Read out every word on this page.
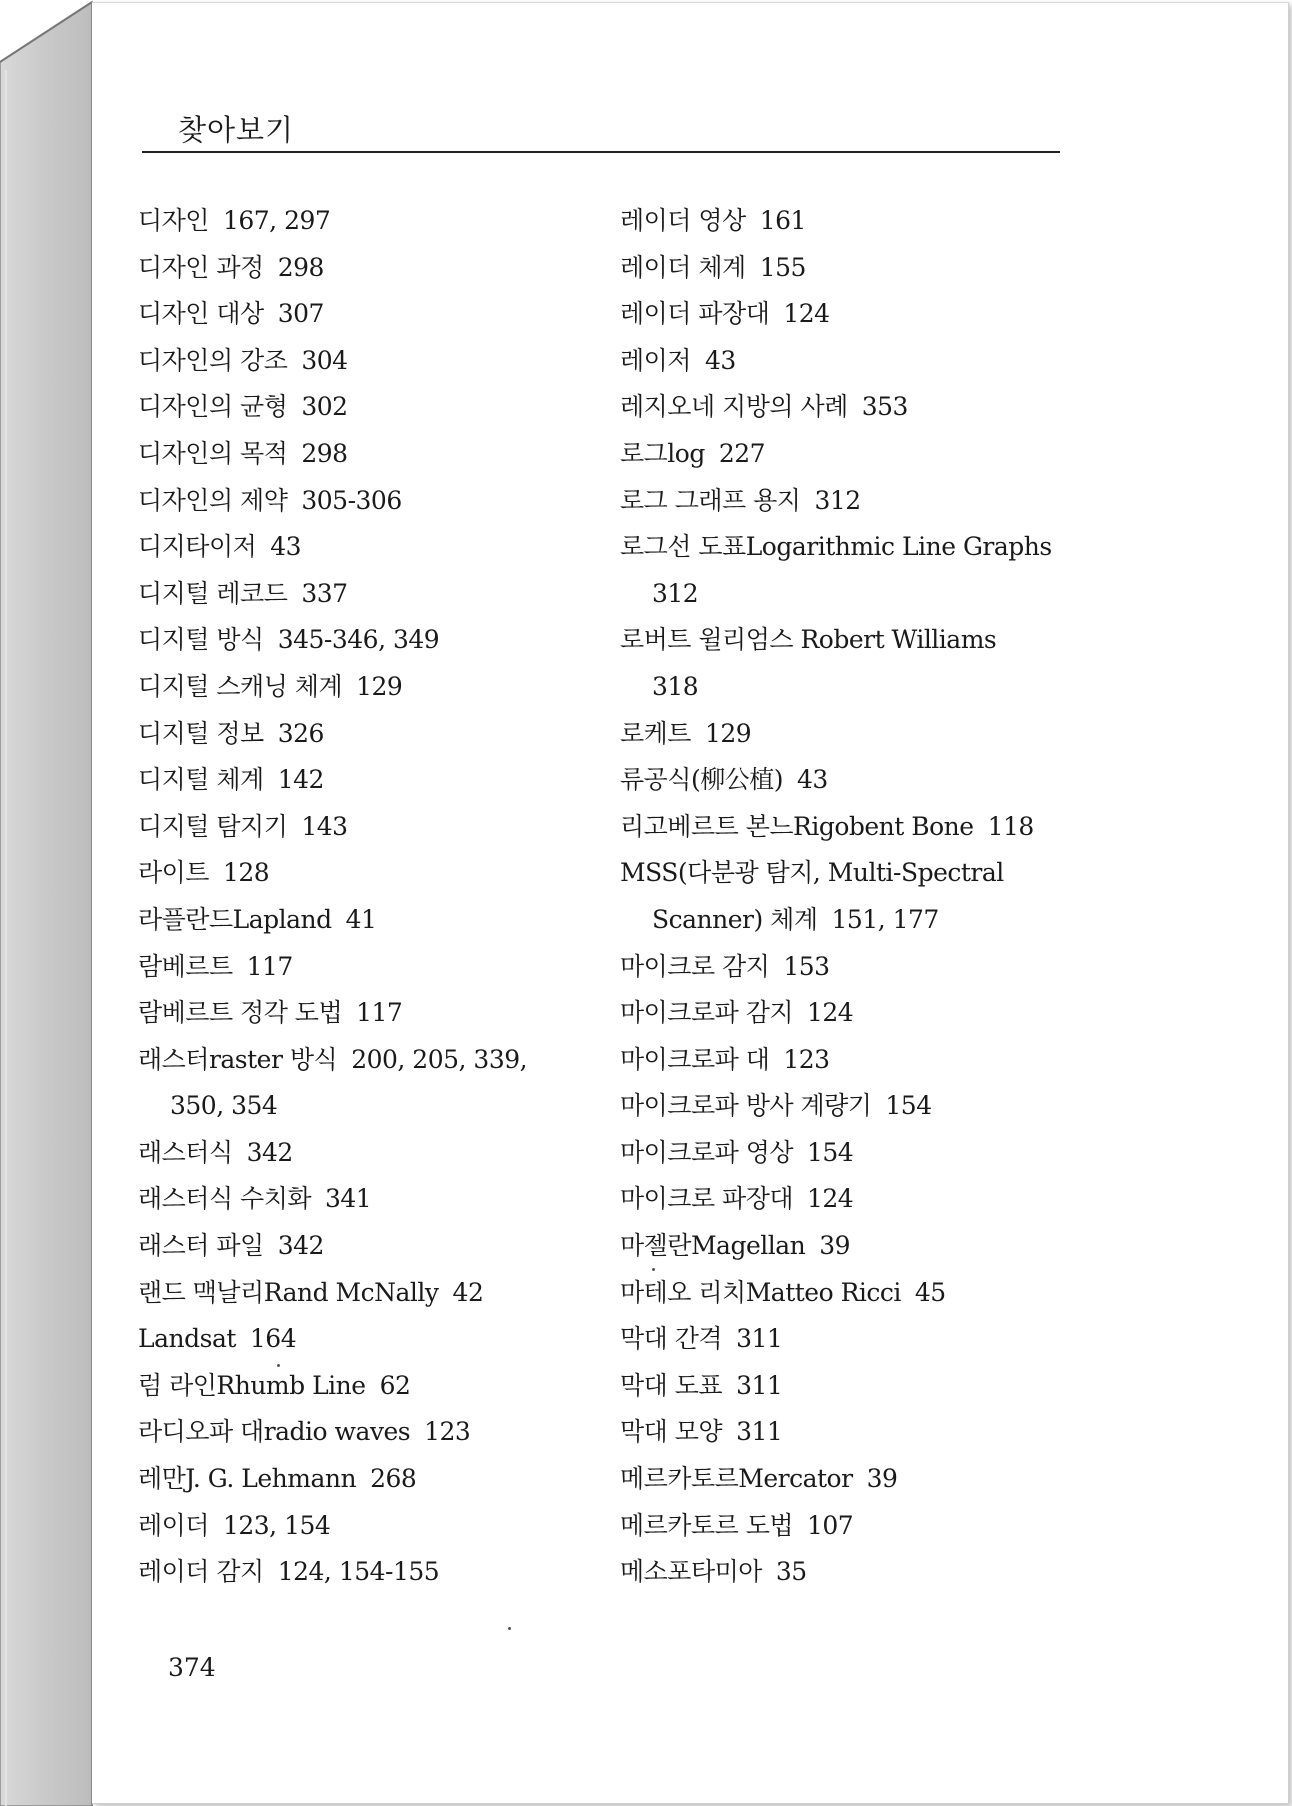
찾아보기
디자인 167, 297
디자인 과정 298
디자인 대상 307
디자인의 강조 304
디자인의 균형 302
디자인의 목적 298
디자인의 제약 305-306
디지타이저 43
디지털 레코드 337
디지털 방식 345-346, 349
디지털 스캐닝 체계 129
디지털 정보 326
디지털 체계 142
디지털 탐지기 143
라이트 128
라플란드Lapland 41
람베르트 117
람베르트 정각 도법 117
래스터raster 방식 200, 205, 339,
350, 354
래스터식 342
래스터식 수치화 341
래스터 파일 342
랜드 맥날리Rand McNally 42
Landsat 164
럼 라인Rhumb Line 62
라디오파 대radio waves 123
레만J. G. Lehmann 268
레이더 123, 154
레이더 감지 124, 154-155
레이더 영상 161
레이더 체계 155
레이더 파장대 124
레이저 43
레지오네 지방의 사례 353
로그log 227
로그 그래프 용지 312
로그선 도표Logarithmic Line Graphs
312
로버트 윌리엄스 Robert Williams
318
로케트 129
류공식(柳公植) 43
리고베르트 본느Rigobent Bone 118
MSS(다분광 탐지, Multi-Spectral
Scanner) 체계 151, 177
마이크로 감지 153
마이크로파 감지 124
마이크로파 대 123
마이크로파 방사 계량기 154
마이크로파 영상 154
마이크로 파장대 124
마젤란Magellan 39
마테오 리치Matteo Ricci 45
막대 간격 311
막대 도표 311
막대 모양 311
메르카토르Mercator 39
메르카토르 도법 107
메소포타미아 35
374
